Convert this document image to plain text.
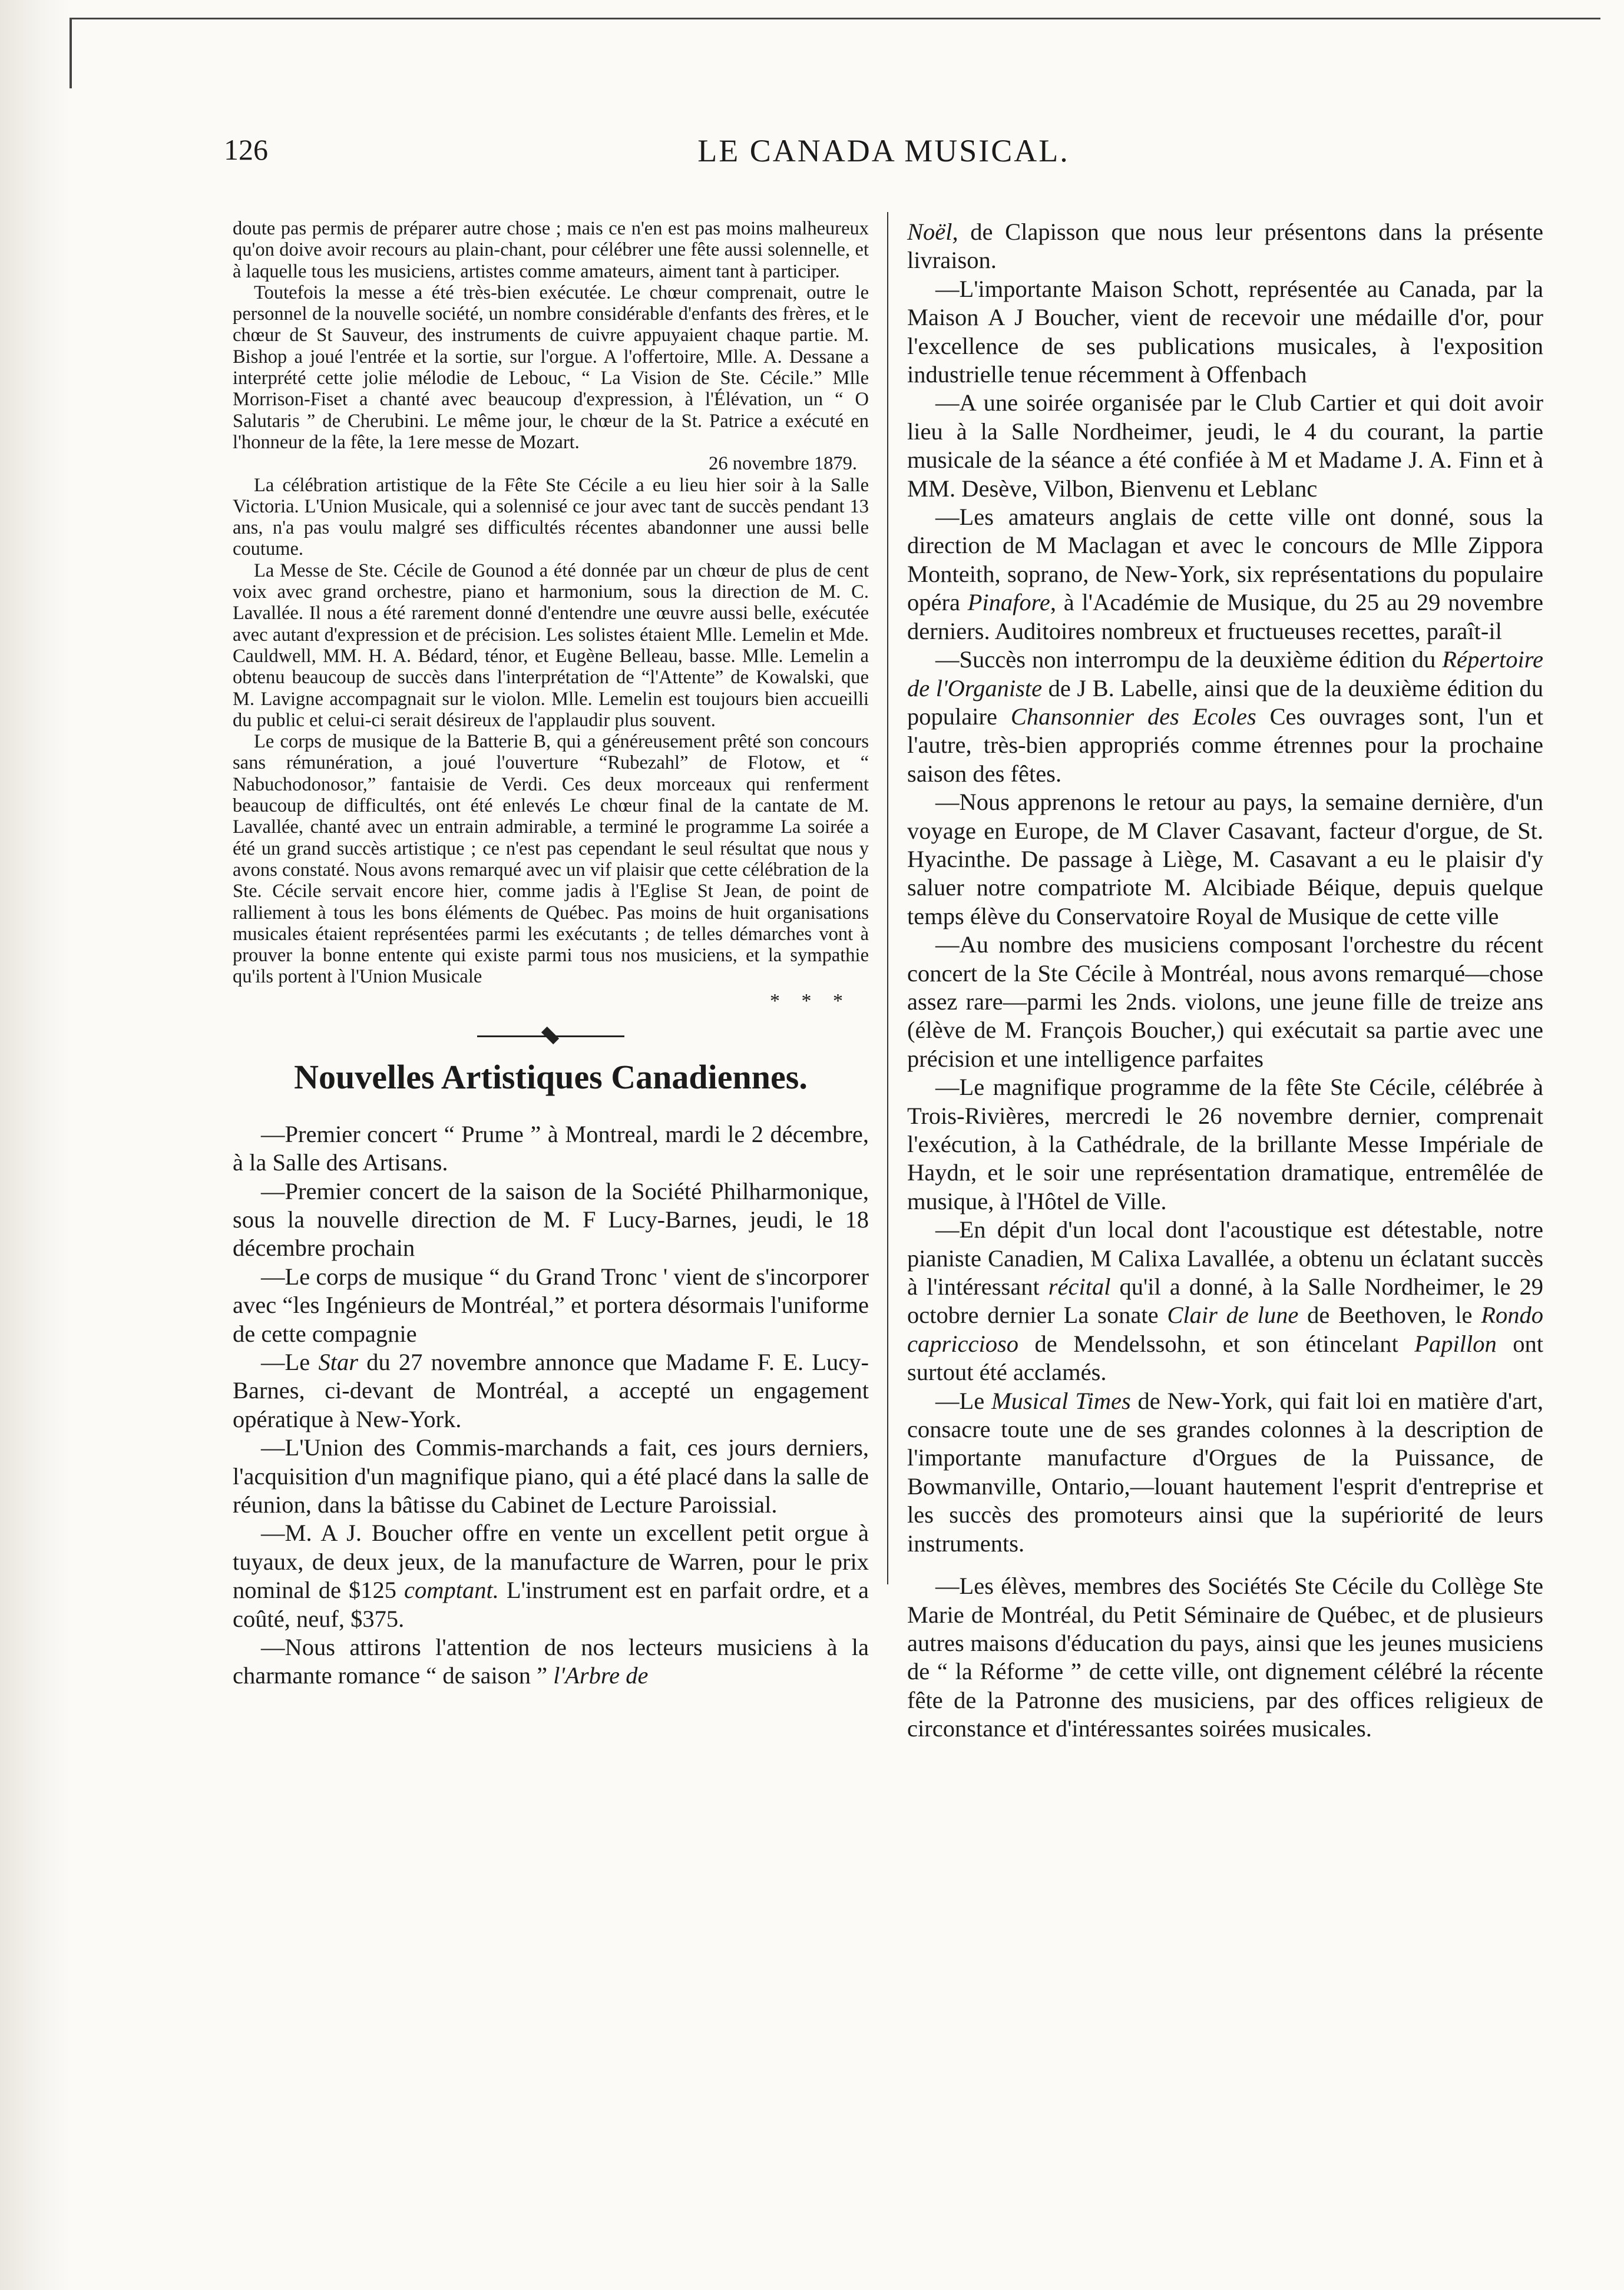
126	LE CANADA MUSICAL.

doute pas permis de préparer autre chose ; mais ce n'en est pas moins malheureux qu'on doive avoir recours au plain-chant, pour célébrer une fête aussi solennelle, et à laquelle tous les musiciens, artistes comme amateurs, aiment tant à participer.

Toutefois la messe a été très-bien exécutée. Le chœur comprenait, outre le personnel de la nouvelle société, un nombre considérable d'enfants des frères, et le chœur de St Sauveur, des instruments de cuivre appuyaient chaque partie. M. Bishop a joué l'entrée et la sortie, sur l'orgue. A l'offertoire, Mlle. A. Dessane a interprété cette jolie mélodie de Lebouc, “ La Vision de Ste. Cécile.” Mlle Morrison-Fiset a chanté avec beaucoup d'expression, à l'Élévation, un “ O Salutaris ” de Cherubini. Le même jour, le chœur de la St. Patrice a exécuté en l'honneur de la fête, la 1ere messe de Mozart.

26 novembre 1879.

La célébration artistique de la Fête Ste Cécile a eu lieu hier soir à la Salle Victoria. L'Union Musicale, qui a solennisé ce jour avec tant de succès pendant 13 ans, n'a pas voulu malgré ses difficultés récentes abandonner une aussi belle coutume.

La Messe de Ste. Cécile de Gounod a été donnée par un chœur de plus de cent voix avec grand orchestre, piano et harmonium, sous la direction de M. C. Lavallée. Il nous a été rarement donné d'entendre une œuvre aussi belle, exécutée avec autant d'expression et de précision. Les solistes étaient Mlle. Lemelin et Mde. Cauldwell, MM. H. A. Bédard, ténor, et Eugène Belleau, basse. Mlle. Lemelin a obtenu beaucoup de succès dans l'interprétation de “l'Attente” de Kowalski, que M. Lavigne accompagnait sur le violon. Mlle. Lemelin est toujours bien accueilli du public et celui-ci serait désireux de l'applaudir plus souvent.

Le corps de musique de la Batterie B, qui a généreusement prêté son concours sans rémunération, a joué l'ouverture “Rubezahl” de Flotow, et “ Nabuchodonosor,” fantaisie de Verdi. Ces deux morceaux qui renferment beaucoup de difficultés, ont été enlevés Le chœur final de la cantate de M. Lavallée, chanté avec un entrain admirable, a terminé le programme La soirée a été un grand succès artistique ; ce n'est pas cependant le seul résultat que nous y avons constaté. Nous avons remarqué avec un vif plaisir que cette célébration de la Ste. Cécile servait encore hier, comme jadis à l'Eglise St Jean, de point de ralliement à tous les bons éléments de Québec. Pas moins de huit organisations musicales étaient représentées parmi les exécutants ; de telles démarches vont à prouver la bonne entente qui existe parmi tous nos musiciens, et la sympathie qu'ils portent à l'Union Musicale

* * *
Nouvelles Artistiques Canadiennes.

—Premier concert “ Prume ” à Montreal, mardi le 2 décembre, à la Salle des Artisans.

—Premier concert de la saison de la Société Philharmonique, sous la nouvelle direction de M. F Lucy-Barnes, jeudi, le 18 décembre prochain

—Le corps de musique “ du Grand Tronc ' vient de s'incorporer avec “les Ingénieurs de Montréal,” et portera désormais l'uniforme de cette compagnie

—Le Star du 27 novembre annonce que Madame F. E. Lucy-Barnes, ci-devant de Montréal, a accepté un engagement opératique à New-York.

—L'Union des Commis-marchands a fait, ces jours derniers, l'acquisition d'un magnifique piano, qui a été placé dans la salle de réunion, dans la bâtisse du Cabinet de Lecture Paroissial.

—M. A J. Boucher offre en vente un excellent petit orgue à tuyaux, de deux jeux, de la manufacture de Warren, pour le prix nominal de $125 comptant. L'instrument est en parfait ordre, et a coûté, neuf, $375.

—Nous attirons l'attention de nos lecteurs musiciens à la charmante romance “ de saison ” l'Arbre de

Noël, de Clapisson que nous leur présentons dans la présente livraison.

—L'importante Maison Schott, représentée au Canada, par la Maison A J Boucher, vient de recevoir une médaille d'or, pour l'excellence de ses publications musicales, à l'exposition industrielle tenue récemment à Offenbach

—A une soirée organisée par le Club Cartier et qui doit avoir lieu à la Salle Nordheimer, jeudi, le 4 du courant, la partie musicale de la séance a été confiée à M et Madame J. A. Finn et à MM. Desève, Vilbon, Bienvenu et Leblanc

—Les amateurs anglais de cette ville ont donné, sous la direction de M Maclagan et avec le concours de Mlle Zippora Monteith, soprano, de New-York, six représentations du populaire opéra Pinafore, à l'Académie de Musique, du 25 au 29 novembre derniers. Auditoires nombreux et fructueuses recettes, paraît-il

—Succès non interrompu de la deuxième édition du Répertoire de l'Organiste de J B. Labelle, ainsi que de la deuxième édition du populaire Chansonnier des Ecoles Ces ouvrages sont, l'un et l'autre, très-bien appropriés comme étrennes pour la prochaine saison des fêtes.

—Nous apprenons le retour au pays, la semaine dernière, d'un voyage en Europe, de M Claver Casavant, facteur d'orgue, de St. Hyacinthe. De passage à Liège, M. Casavant a eu le plaisir d'y saluer notre compatriote M. Alcibiade Béique, depuis quelque temps élève du Conservatoire Royal de Musique de cette ville

—Au nombre des musiciens composant l'orchestre du récent concert de la Ste Cécile à Montréal, nous avons remarqué—chose assez rare—parmi les 2nds. violons, une jeune fille de treize ans (élève de M. François Boucher,) qui exécutait sa partie avec une précision et une intelligence parfaites

—Le magnifique programme de la fête Ste Cécile, célébrée à Trois-Rivières, mercredi le 26 novembre dernier, comprenait l'exécution, à la Cathédrale, de la brillante Messe Impériale de Haydn, et le soir une représentation dramatique, entremêlée de musique, à l'Hôtel de Ville.

—En dépit d'un local dont l'acoustique est détestable, notre pianiste Canadien, M Calixa Lavallée, a obtenu un éclatant succès à l'intéressant récital qu'il a donné, à la Salle Nordheimer, le 29 octobre dernier La sonate Clair de lune de Beethoven, le Rondo capriccioso de Mendelssohn, et son étincelant Papillon ont surtout été acclamés.

—Le Musical Times de New-York, qui fait loi en matière d'art, consacre toute une de ses grandes colonnes à la description de l'importante manufacture d'Orgues de la Puissance, de Bowmanville, Ontario,—louant hautement l'esprit d'entreprise et les succès des promoteurs ainsi que la supériorité de leurs instruments.

—Les élèves, membres des Sociétés Ste Cécile du Collège Ste Marie de Montréal, du Petit Séminaire de Québec, et de plusieurs autres maisons d'éducation du pays, ainsi que les jeunes musiciens de “ la Réforme ” de cette ville, ont dignement célébré la récente fête de la Patronne des musiciens, par des offices religieux de circonstance et d'intéressantes soirées musicales.
